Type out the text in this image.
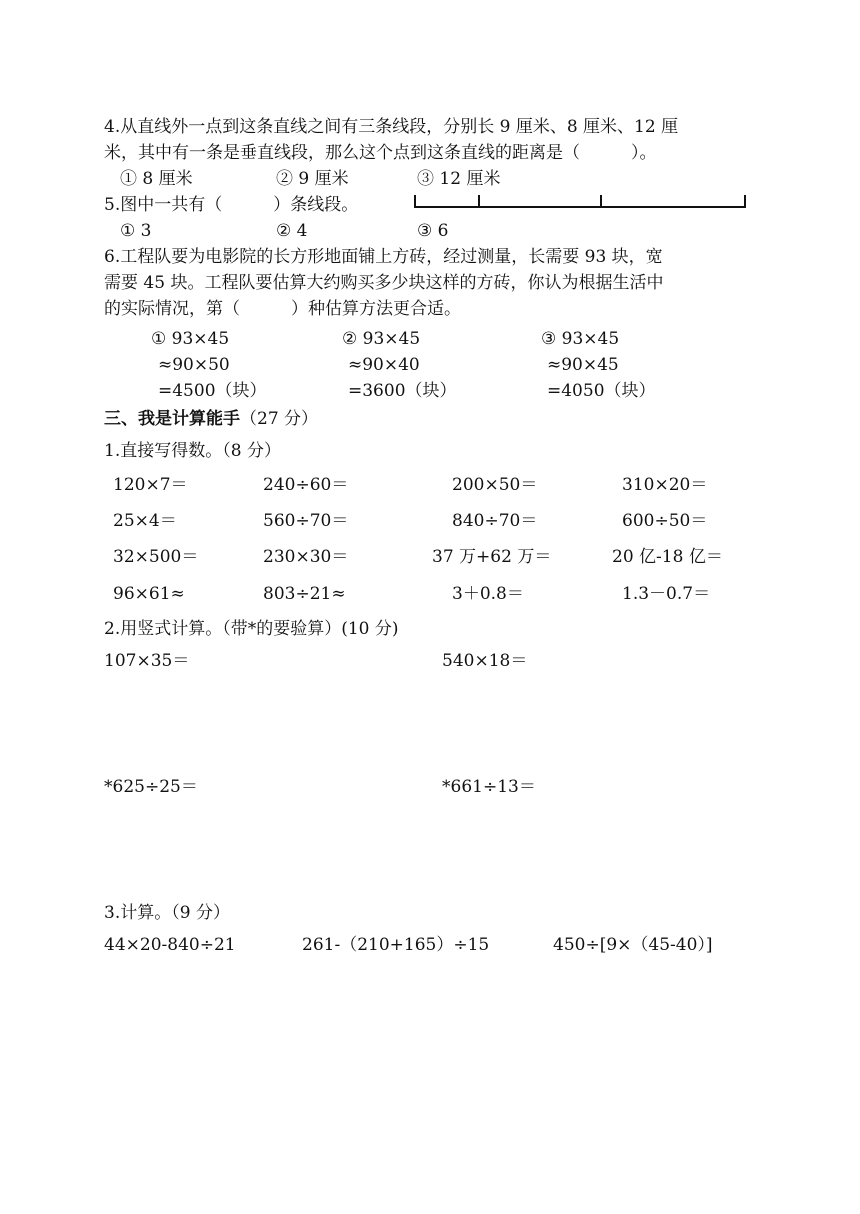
4.从直线外一点到这条直线之间有三条线段，分别长 9 厘米、8 厘米、12 厘
米，其中有一条是垂直线段，那么这个点到这条直线的距离是（　　　）。
① 8 厘米	② 9 厘米	③ 12 厘米
5.图中一共有（　　　）条线段。
① 3	② 4	③ 6
6.工程队要为电影院的长方形地面铺上方砖，经过测量，长需要 93 块，宽
需要 45 块。工程队要估算大约购买多少块这样的方砖，你认为根据生活中
的实际情况，第（　　　）种估算方法更合适。
① 93×45
≈90×50
=4500（块）
② 93×45
≈90×40
=3600（块）
③ 93×45
≈90×45
=4050（块）
三、我是计算能手（27 分）
1.直接写得数。（8 分）
120×7＝	240÷60＝	200×50＝	310×20＝
25×4＝	560÷70＝	840÷70＝	600÷50＝
32×500＝	230×30＝	37 万+62 万＝	20 亿-18 亿＝
96×61≈	803÷21≈	3＋0.8＝	1.3－0.7＝
2.用竖式计算。（带*的要验算）(10 分)
107×35＝	540×18＝
*625÷25＝	*661÷13＝
3.计算。（9 分）
44×20-840÷21	261-（210+165）÷15	450÷[9×（45-40）]
